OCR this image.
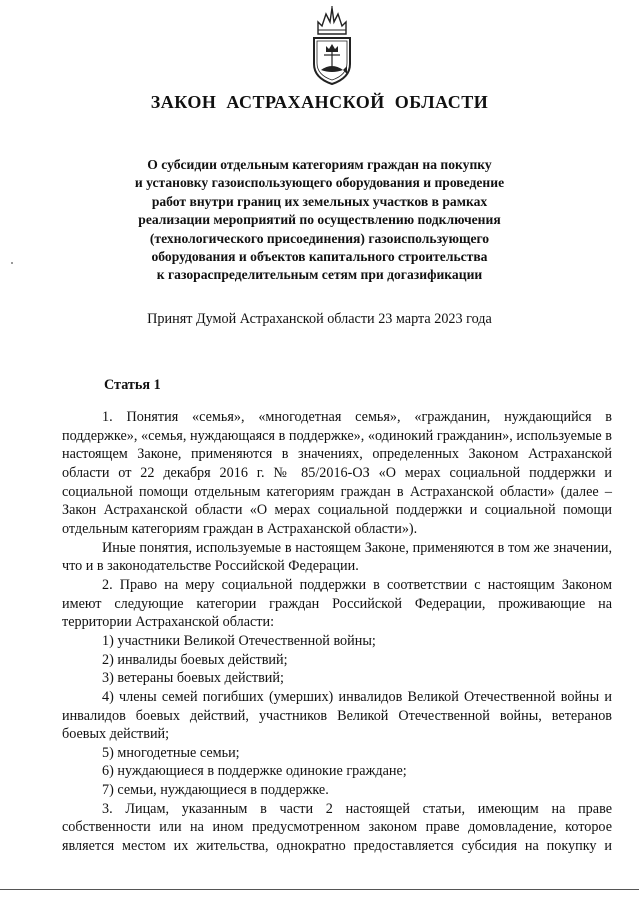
ЗАКОН АСТРАХАНСКОЙ ОБЛАСТИ
О субсидии отдельным категориям граждан на покупку
и установку газоиспользующего оборудования и проведение
работ внутри границ их земельных участков в рамках
реализации мероприятий по осуществлению подключения
(технологического присоединения) газоиспользующего
оборудования и объектов капитального строительства
к газораспределительным сетям при догазификации
Принят Думой Астраханской области 23 марта 2023 года
Статья 1

1. Понятия «семья», «многодетная семья», «гражданин, нуждающийся в поддержке», «семья, нуждающаяся в поддержке», «одинокий гражданин», используемые в настоящем Законе, применяются в значениях, определенных Законом Астраханской области от 22 декабря 2016 г. № 85/2016-ОЗ «О мерах социальной поддержки и социальной помощи отдельным категориям граждан в Астраханской области» (далее – Закон Астраханской области «О мерах социальной поддержки и социальной помощи отдельным категориям граждан в Астраханской области»).

Иные понятия, используемые в настоящем Законе, применяются в том же значении, что и в законодательстве Российской Федерации.

2. Право на меру социальной поддержки в соответствии с настоящим Законом имеют следующие категории граждан Российской Федерации, проживающие на территории Астраханской области:

1) участники Великой Отечественной войны;

2) инвалиды боевых действий;

3) ветераны боевых действий;

4) члены семей погибших (умерших) инвалидов Великой Отечественной войны и инвалидов боевых действий, участников Великой Отечественной войны, ветеранов боевых действий;

5) многодетные семьи;

6) нуждающиеся в поддержке одинокие граждане;

7) семьи, нуждающиеся в поддержке.

3. Лицам, указанным в части 2 настоящей статьи, имеющим на праве собственности или на ином предусмотренном законом праве домовладение, которое является местом их жительства, однократно предоставляется субсидия на покупку и
